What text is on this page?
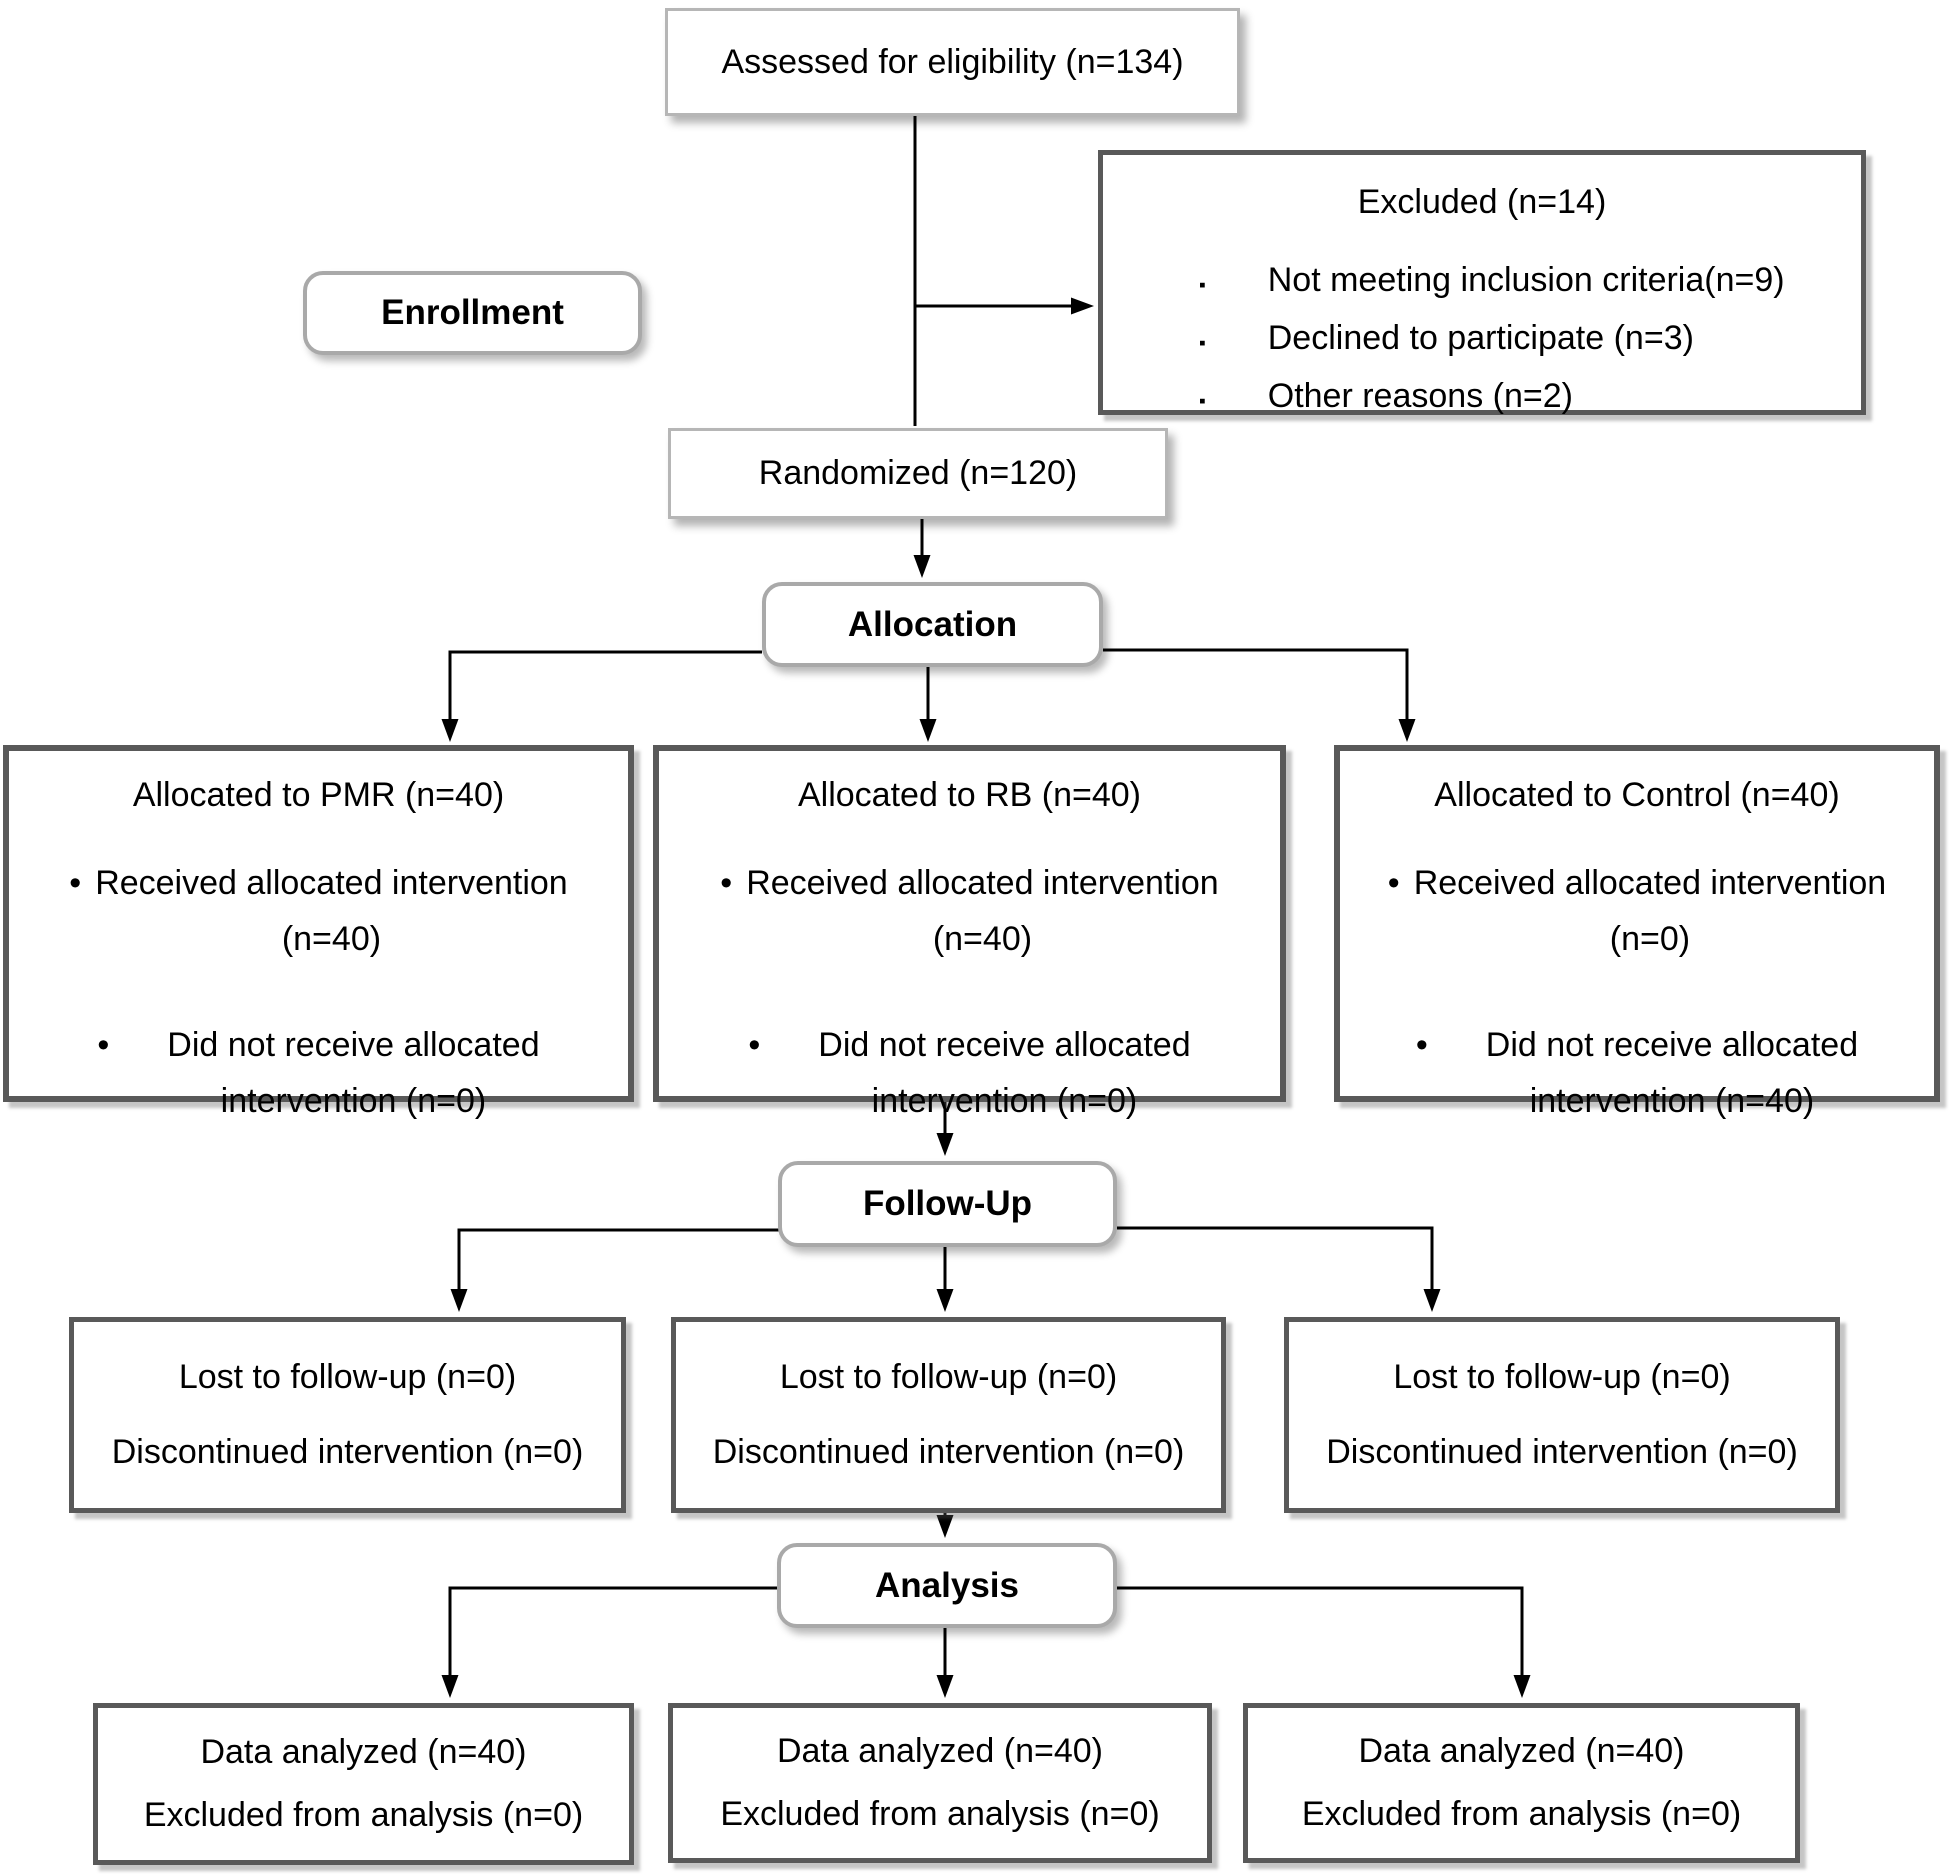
Assessed for eligibility (n=134)
Excluded (n=14)
▪ Not meeting inclusion criteria(n=9)
▪ Declined to participate (n=3)
▪ Other reasons (n=2)
Enrollment
Randomized (n=120)
Allocation
Allocated to PMR (n=40)
• Received allocated intervention
(n=40)
• Did not receive allocated
intervention (n=0)
Allocated to RB (n=40)
• Received allocated intervention
(n=40)
• Did not receive allocated
intervention (n=0)
Allocated to Control (n=40)
• Received allocated intervention
(n=0)
• Did not receive allocated
intervention (n=40)
Follow-Up
Lost to follow-up (n=0)
Discontinued intervention (n=0)
Lost to follow-up (n=0)
Discontinued intervention (n=0)
Lost to follow-up (n=0)
Discontinued intervention (n=0)
Analysis
Data analyzed (n=40)
Excluded from analysis (n=0)
Data analyzed (n=40)
Excluded from analysis (n=0)
Data analyzed (n=40)
Excluded from analysis (n=0)
